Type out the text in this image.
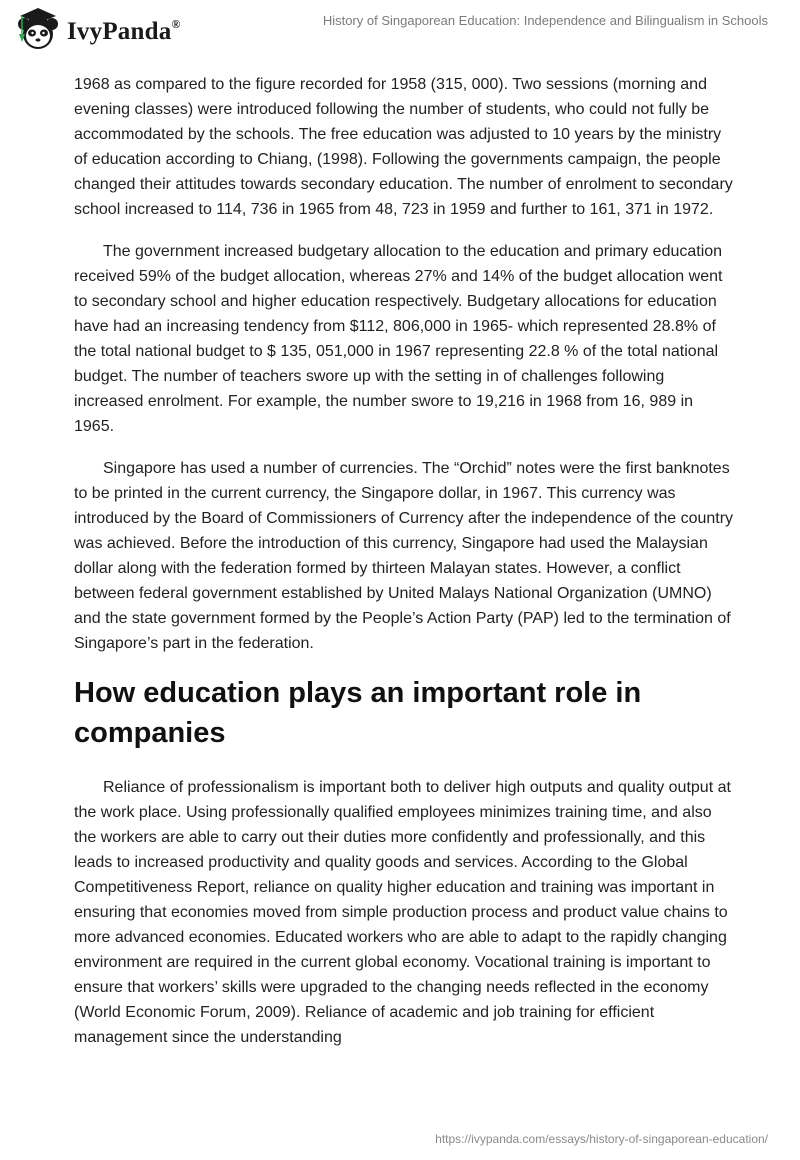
IvyPanda®	History of Singaporean Education: Independence and Bilingualism in Schools

1968 as compared to the figure recorded for 1958 (315, 000). Two sessions (morning and evening classes) were introduced following the number of students, who could not fully be accommodated by the schools. The free education was adjusted to 10 years by the ministry of education according to Chiang, (1998). Following the governments campaign, the people changed their attitudes towards secondary education. The number of enrolment to secondary school increased to 114, 736 in 1965 from 48, 723 in 1959 and further to 161, 371 in 1972.

The government increased budgetary allocation to the education and primary education received 59% of the budget allocation, whereas 27% and 14% of the budget allocation went to secondary school and higher education respectively. Budgetary allocations for education have had an increasing tendency from $112, 806,000 in 1965- which represented 28.8% of the total national budget to $ 135, 051,000 in 1967 representing 22.8 % of the total national budget. The number of teachers swore up with the setting in of challenges following increased enrolment. For example, the number swore to 19,216 in 1968 from 16, 989 in 1965.

Singapore has used a number of currencies. The “Orchid” notes were the first banknotes to be printed in the current currency, the Singapore dollar, in 1967. This currency was introduced by the Board of Commissioners of Currency after the independence of the country was achieved. Before the introduction of this currency, Singapore had used the Malaysian dollar along with the federation formed by thirteen Malayan states. However, a conflict between federal government established by United Malays National Organization (UMNO) and the state government formed by the People’s Action Party (PAP) led to the termination of Singapore’s part in the federation.

How education plays an important role in companies

Reliance of professionalism is important both to deliver high outputs and quality output at the work place. Using professionally qualified employees minimizes training time, and also the workers are able to carry out their duties more confidently and professionally, and this leads to increased productivity and quality goods and services. According to the Global Competitiveness Report, reliance on quality higher education and training was important in ensuring that economies moved from simple production process and product value chains to more advanced economies. Educated workers who are able to adapt to the rapidly changing environment are required in the current global economy. Vocational training is important to ensure that workers’ skills were upgraded to the changing needs reflected in the economy (World Economic Forum, 2009). Reliance of academic and job training for efficient management since the understanding

https://ivypanda.com/essays/history-of-singaporean-education/
